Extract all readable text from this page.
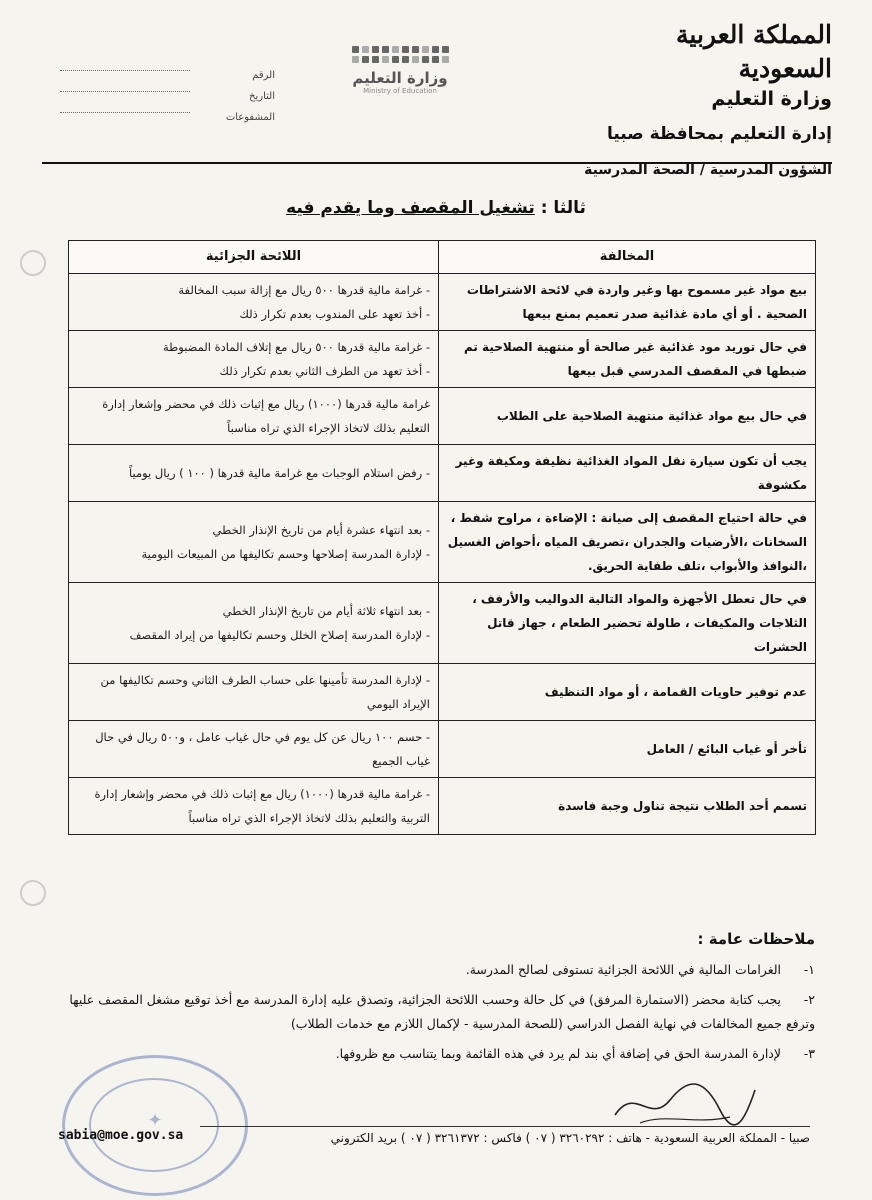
المملكة العربية السعودية
وزارة التعليم
إدارة التعليم بمحافظة صبيا
الشؤون المدرسية / الصحة المدرسية
وزارة التعليم
Ministry of Education
الرقم
التاريخ
المشفوعات
ثالثا : تشغيل المقصف وما يقدم فيه
المخالفة	اللائحة الجزائية
بيع مواد غير مسموح بها وغير واردة في لائحة الاشتراطات الصحية . أو أي مادة غذائية صدر تعميم بمنع بيعها	- غرامة مالية قدرها ٥٠٠ ريال مع إزالة سبب المخالفة
- أخذ تعهد على المندوب بعدم تكرار ذلك

في حال توريد مود غذائية غير صالحة أو منتهية الصلاحية تم ضبطها في المقصف المدرسي قبل بيعها	- غرامة مالية قدرها ٥٠٠ ريال مع إتلاف المادة المضبوطة
- أخذ تعهد من الطرف الثاني بعدم تكرار ذلك

في حال بيع مواد غذائية منتهية الصلاحية على الطلاب	غرامة مالية قدرها (١٠٠٠) ريال مع إثبات ذلك في محضر وإشعار إدارة التعليم بذلك لاتخاذ الإجراء الذي تراه مناسباً

يجب أن تكون سيارة نقل المواد الغذائية نظيفة ومكيفة وغير مكشوفة	- رفض استلام الوجبات مع غرامة مالية قدرها ( ١٠٠ ) ريال يومياً

في حالة احتياج المقصف إلى صيانة : الإضاءة ، مراوح شفط ، السخانات ،الأرضيات والجدران ،تصريف المياه ،أحواض الغسيل ،النوافذ والأبواب ،تلف طفاية الحريق.	- بعد انتهاء عشرة أيام من تاريخ الإنذار الخطي
- لإدارة المدرسة إصلاحها وحسم تكاليفها من المبيعات اليومية

في حال تعطل الأجهزة والمواد التالية الدواليب والأرفف ، الثلاجات والمكيفات ، طاولة تحضير الطعام ، جهاز قاتل الحشرات	- بعد انتهاء ثلاثة أيام من تاريخ الإنذار الخطي
- لإدارة المدرسة إصلاح الخلل وحسم تكاليفها من إيراد المقصف

عدم توفير حاويات القمامة ، أو مواد التنظيف	- لإدارة المدرسة تأمينها على حساب الطرف الثاني وحسم تكاليفها من الإيراد اليومي

تأخر أو غياب البائع / العامل	- حسم ١٠٠ ريال عن كل يوم في حال غياب عامل ، و٥٠٠ ريال في حال غياب الجميع

تسمم أحد الطلاب نتيجة تناول وجبة فاسدة	- غرامة مالية قدرها (١٠٠٠) ريال مع إثبات ذلك في محضر وإشعار إدارة التربية والتعليم بذلك لاتخاذ الإجراء الذي تراه مناسباً
ملاحظات عامة :
١-الغرامات المالية في اللائحة الجزائية تستوفى لصالح المدرسة.
٢-يجب كتابة محضر (الاستمارة المرفق) في كل حالة وحسب اللائحة الجزائية، وتصدق عليه إدارة المدرسة مع أخذ توقيع مشغل المقصف عليها وترفع جميع المخالفات في نهاية الفصل الدراسي (للصحة المدرسية - لإكمال اللازم مع خدمات الطلاب)
٣-لإدارة المدرسة الحق في إضافة أي بند لم يرد في هذه القائمة وبما يتناسب مع ظروفها.
✦
صبيا - المملكة العربية السعودية - هاتف : ٣٢٦٠٢٩٢ ( ٠٧ ) فاكس : ٣٢٦١٣٧٢ ( ٠٧ ) بريد الكتروني
sabia@moe.gov.sa
